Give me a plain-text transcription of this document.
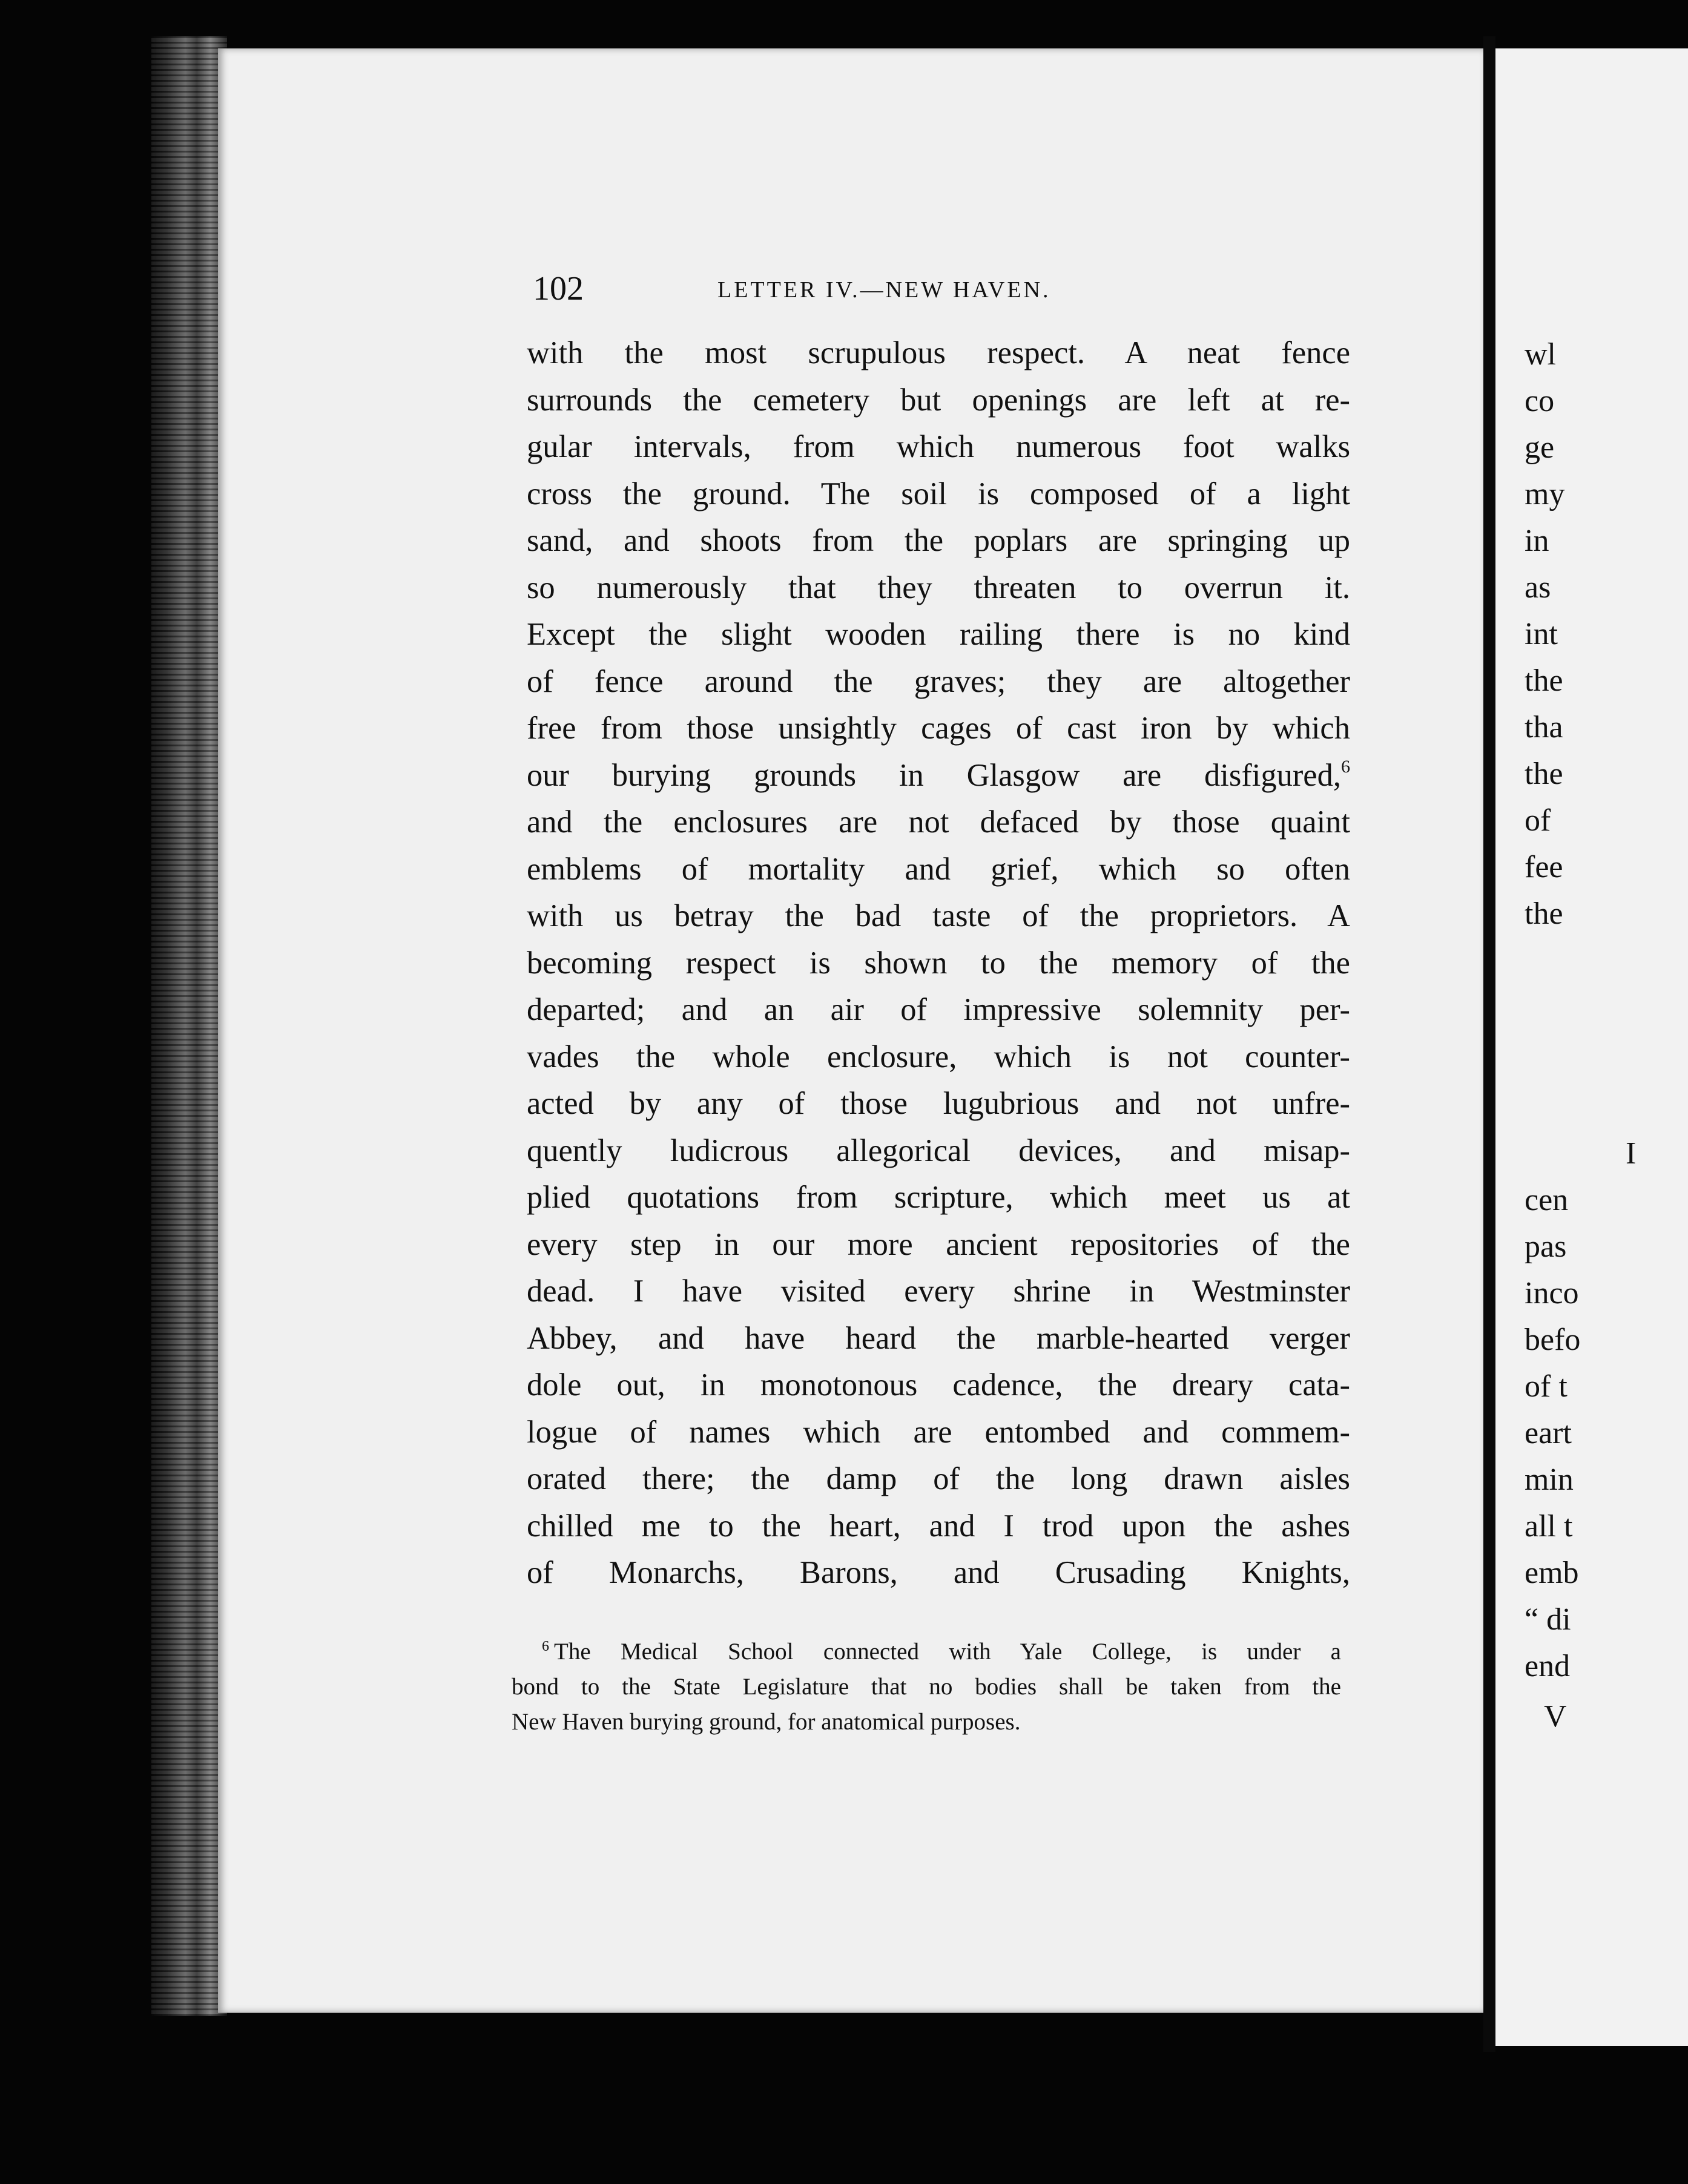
wl
co
ge
my
in
as
int
the
tha
the
of
fee
the
I
cen
pas
inco
befo
of t
eart
min
all t
emb
“ di
end
V
102	LETTER IV.—NEW HAVEN.
with the most scrupulous respect. A neat fence
surrounds the cemetery but openings are left at re-
gular intervals, from which numerous foot walks
cross the ground. The soil is composed of a light
sand, and shoots from the poplars are springing up
so numerously that they threaten to overrun it.
Except the slight wooden railing there is no kind
of fence around the graves; they are altogether
free from those unsightly cages of cast iron by which
our burying grounds in Glasgow are disfigured,$^6$
and the enclosures are not defaced by those quaint
emblems of mortality and grief, which so often
with us betray the bad taste of the proprietors. A
becoming respect is shown to the memory of the
departed; and an air of impressive solemnity per-
vades the whole enclosure, which is not counter-
acted by any of those lugubrious and not unfre-
quently ludicrous allegorical devices, and misap-
plied quotations from scripture, which meet us at
every step in our more ancient repositories of the
dead. I have visited every shrine in Westminster
Abbey, and have heard the marble-hearted verger
dole out, in monotonous cadence, the dreary cata-
logue of names which are entombed and commem-
orated there; the damp of the long drawn aisles
chilled me to the heart, and I trod upon the ashes
of Monarchs, Barons, and Crusading Knights,
$^6$ The Medical School connected with Yale College, is under a
bond to the State Legislature that no bodies shall be taken from the
New Haven burying ground, for anatomical purposes.
